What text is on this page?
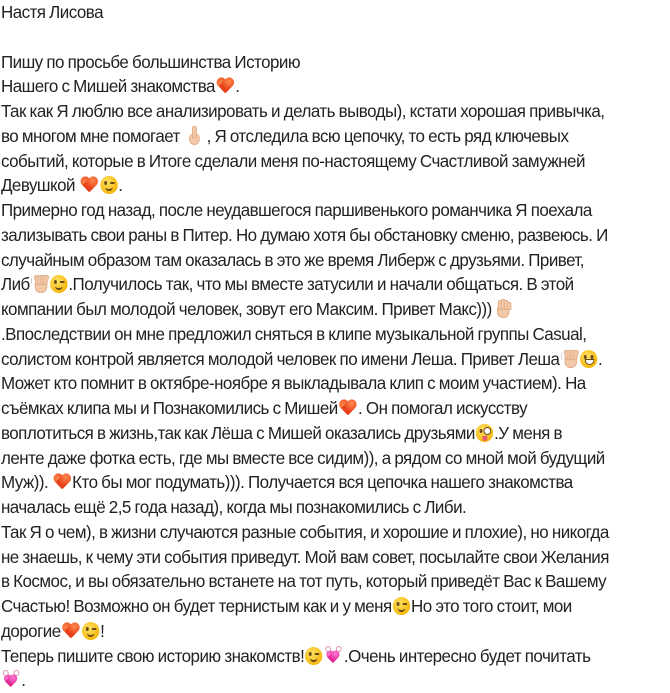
Настя Лисова
Пишу по просьбе большинства Историю
Нашего с Мишей знакомства .
Так как Я люблю все анализировать и делать выводы), кстати хорошая привычка,
во многом мне помогает
, Я отследила всю цепочку, то есть ряд ключевых
событий, которые в Итоге сделали меня по-настоящему Счастливой замужней
Девушкой
.
Примерно год назад, после неудавшегося паршивенького романчика Я поехала
зализывать свои раны в Питер. Но думаю хотя бы обстановку сменю, развеюсь. И
случайным образом там оказалась в это же время Либерж с друзьями. Привет,
Либ .Получилось так, что мы вместе затусили и начали общаться. В этой
компании был молодой человек, зовут его Максим. Привет Макс)))
.Впоследствии он мне предложил сняться в клипе музыкальной группы Casual,
солистом контрой является молодой человек по имени Леша. Привет Леша .
Может кто помнит в октябре-ноябре я выкладывала клип с моим участием). На
съёмках клипа мы и Познакомились с Мишей . Он помогал искусству
воплотиться в жизнь,так как Лёша с Мишей оказались друзьями .У меня в
ленте даже фотка есть, где мы вместе все сидим)), а рядом со мной мой будущий
Муж)). Кто бы мог подумать))). Получается вся цепочка нашего знакомства
началась ещё 2,5 года назад), когда мы познакомились с Либи.
Так Я о чем), в жизни случаются разные события, и хорошие и плохие), но никогда
не знаешь, к чему эти события приведут. Мой вам совет, посылайте свои Желания
в Космос, и вы обязательно встанете на тот путь, который приведёт Вас к Вашему
Счастью! Возможно он будет тернистым как и у меня Но это того стоит, мои
дорогие !
Теперь пишите свою историю знакомств! .Очень интересно будет почитать
.
